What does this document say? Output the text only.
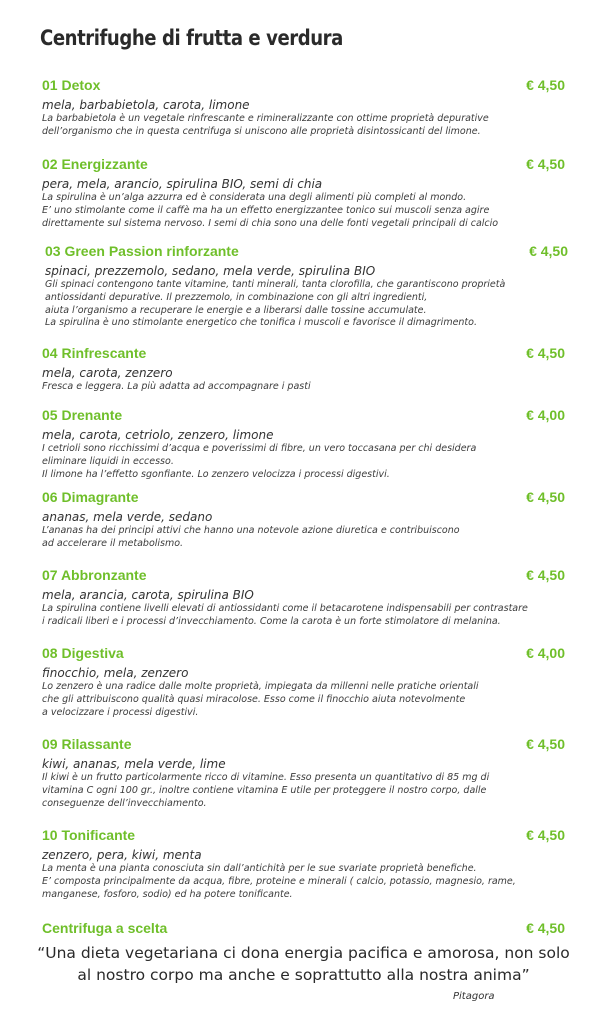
Centrifughe di frutta e verdura
01 Detox	€ 4,50
mela, barbabietola, carota, limone
La barbabietola è un vegetale rinfrescante e rimineralizzante con ottime proprietà depurative
dell’organismo che in questa centrifuga si uniscono alle proprietà disintossicanti del limone.
02 Energizzante	€ 4,50
pera, mela, arancio, spirulina BIO, semi di chia
La spirulina è un’alga azzurra ed è considerata una degli alimenti più completi al mondo.
E’ uno stimolante come il caffè ma ha un effetto energizzantee tonico sui muscoli senza agire
direttamente sul sistema nervoso. I semi di chia sono una delle fonti vegetali principali di calcio
03 Green Passion rinforzante	€ 4,50
spinaci, prezzemolo, sedano, mela verde, spirulina BIO
Gli spinaci contengono tante vitamine, tanti minerali, tanta clorofilla, che garantiscono proprietà
antiossidanti depurative. Il prezzemolo, in combinazione con gli altri ingredienti,
aiuta l’organismo a recuperare le energie e a liberarsi dalle tossine accumulate.
La spirulina è uno stimolante energetico che tonifica i muscoli e favorisce il dimagrimento.
04 Rinfrescante	€ 4,50
mela, carota, zenzero
Fresca e leggera. La più adatta ad accompagnare i pasti
05 Drenante	€ 4,00
mela, carota, cetriolo, zenzero, limone
I cetrioli sono ricchissimi d’acqua e poverissimi di fibre, un vero toccasana per chi desidera
eliminare liquidi in eccesso.
Il limone ha l’effetto sgonfiante. Lo zenzero velocizza i processi digestivi.
06 Dimagrante	€ 4,50
ananas, mela verde, sedano
L’ananas ha dei principi attivi che hanno una notevole azione diuretica e contribuiscono
ad accelerare il metabolismo.
07 Abbronzante	€ 4,50
mela, arancia, carota, spirulina BIO
La spirulina contiene livelli elevati di antiossidanti come il betacarotene indispensabili per contrastare
i radicali liberi e i processi d’invecchiamento. Come la carota è un forte stimolatore di melanina.
08 Digestiva	€ 4,00
finocchio, mela, zenzero
Lo zenzero è una radice dalle molte proprietà, impiegata da millenni nelle pratiche orientali
che gli attribuiscono qualità quasi miracolose. Esso come il finocchio aiuta notevolmente
a velocizzare i processi digestivi.
09 Rilassante	€ 4,50
kiwi, ananas, mela verde, lime
Il kiwi è un frutto particolarmente ricco di vitamine. Esso presenta un quantitativo di 85 mg di
vitamina C ogni 100 gr., inoltre contiene vitamina E utile per proteggere il nostro corpo, dalle
conseguenze dell’invecchiamento.
10 Tonificante	€ 4,50
zenzero, pera, kiwi, menta
La menta è una pianta conosciuta sin dall’antichità per le sue svariate proprietà benefiche.
E’ composta principalmente da acqua, fibre, proteine e minerali ( calcio, potassio, magnesio, rame,
manganese, fosforo, sodio) ed ha potere tonificante.
Centrifuga a scelta	€ 4,50
“Una dieta vegetariana ci dona energia pacifica e amorosa, non solo
al nostro corpo ma anche e soprattutto alla nostra anima”
Pitagora
